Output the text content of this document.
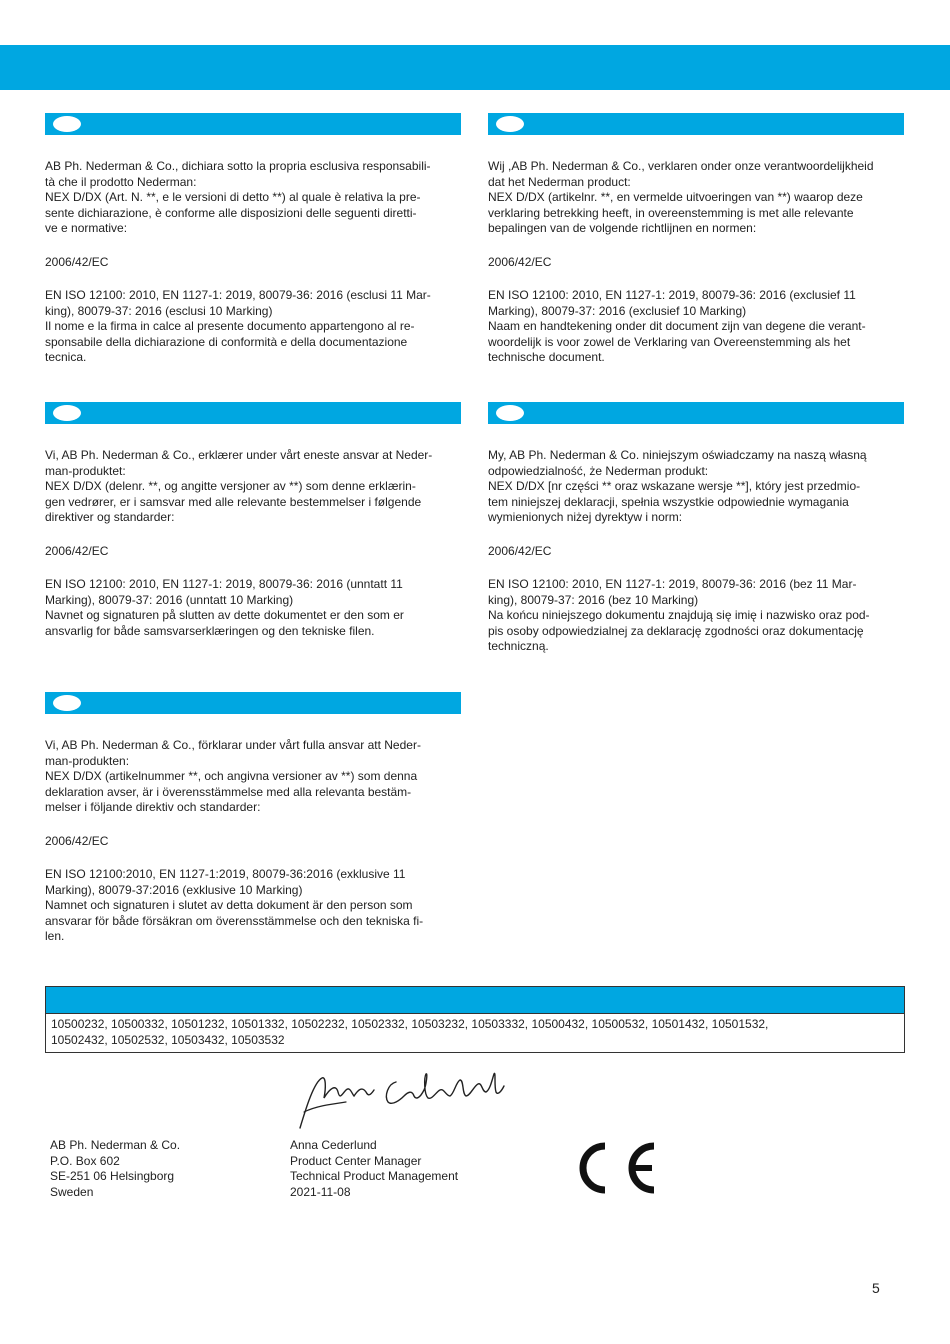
AB Ph. Nederman & Co., dichiara sotto la propria esclusiva responsabili-
tà che il prodotto Nederman:
NEX D/DX (Art. N. **, e le versioni di detto **) al quale è relativa la pre-
sente dichiarazione, è conforme alle disposizioni delle seguenti diretti-
ve e normative:

2006/42/EC

EN ISO 12100: 2010, EN 1127-1: 2019, 80079-36: 2016 (esclusi 11 Mar-
king), 80079-37: 2016 (esclusi 10 Marking)
Il nome e la firma in calce al presente documento appartengono al re-
sponsabile della dichiarazione di conformità e della documentazione
tecnica.

Wij ,AB Ph. Nederman & Co., verklaren onder onze verantwoordelijkheid
dat het Nederman product:
NEX D/DX (artikelnr. **, en vermelde uitvoeringen van **) waarop deze
verklaring betrekking heeft, in overeenstemming is met alle relevante
bepalingen van de volgende richtlijnen en normen:

2006/42/EC

EN ISO 12100: 2010, EN 1127-1: 2019, 80079-36: 2016 (exclusief 11
Marking), 80079-37: 2016 (exclusief 10 Marking)
Naam en handtekening onder dit document zijn van degene die verant-
woordelijk is voor zowel de Verklaring van Overeenstemming als het
technische document.

Vi, AB Ph. Nederman & Co., erklærer under vårt eneste ansvar at Neder-
man-produktet:
NEX D/DX (delenr. **, og angitte versjoner av **) som denne erklærin-
gen vedrører, er i samsvar med alle relevante bestemmelser i følgende
direktiver og standarder:

2006/42/EC

EN ISO 12100: 2010, EN 1127-1: 2019, 80079-36: 2016 (unntatt 11
Marking), 80079-37: 2016 (unntatt 10 Marking)
Navnet og signaturen på slutten av dette dokumentet er den som er
ansvarlig for både samsvarserklæringen og den tekniske filen.

My, AB Ph. Nederman & Co. niniejszym oświadczamy na naszą własną
odpowiedzialność, że Nederman produkt:
NEX D/DX [nr części ** oraz wskazane wersje **], który jest przedmio-
tem niniejszej deklaracji, spełnia wszystkie odpowiednie wymagania
wymienionych niżej dyrektyw i norm:

2006/42/EC

EN ISO 12100: 2010, EN 1127-1: 2019, 80079-36: 2016 (bez 11 Mar-
king), 80079-37: 2016 (bez 10 Marking)
Na końcu niniejszego dokumentu znajdują się imię i nazwisko oraz pod-
pis osoby odpowiedzialnej za deklarację zgodności oraz dokumentację
techniczną.

Vi, AB Ph. Nederman & Co., förklarar under vårt fulla ansvar att Neder-
man-produkten:
NEX D/DX (artikelnummer **, och angivna versioner av **) som denna
deklaration avser, är i överensstämmelse med alla relevanta bestäm-
melser i följande direktiv och standarder:

2006/42/EC

EN ISO 12100:2010, EN 1127-1:2019, 80079-36:2016 (exklusive 11
Marking), 80079-37:2016 (exklusive 10 Marking)
Namnet och signaturen i slutet av detta dokument är den person som
ansvarar för både försäkran om överensstämmelse och den tekniska fi-
len.

10500232, 10500332, 10501232, 10501332, 10502232, 10502332, 10503232, 10503332, 10500432, 10500532, 10501432, 10501532,
10502432, 10502532, 10503432, 10503532
AB Ph. Nederman & Co.
P.O. Box 602
SE-251 06 Helsingborg
Sweden
Anna Cederlund
Product Center Manager
Technical Product Management
2021-11-08
5
